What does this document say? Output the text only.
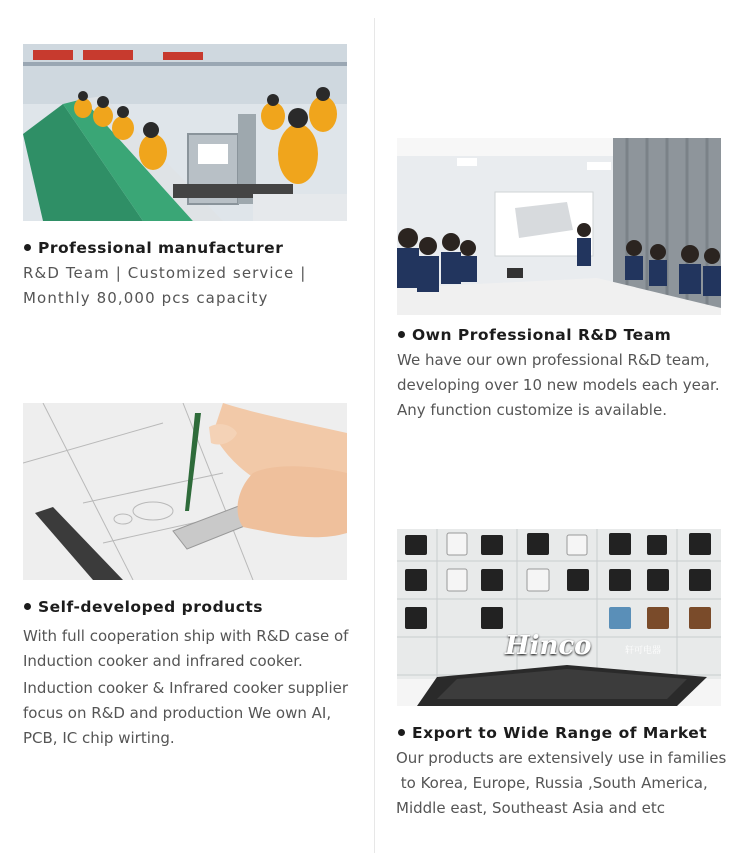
Professional manufacturer

R&D Team | Customized service |

Monthly 80,000 pcs capacity

Own Professional R&D Team

We have our own professional R&D team,

developing over 10 new models each year.

Any function customize is available.

Self-developed products

With full cooperation ship with R&D case of

Induction cooker and infrared cooker.

Induction cooker & Infrared cooker supplier

focus on R&D and production We own AI,

PCB, IC chip wirting.

Hinco	轩可电器
Export to Wide Range of Market

Our products are extensively use in families

to Korea, Europe, Russia ,South America,

Middle east, Southeast Asia and etc
